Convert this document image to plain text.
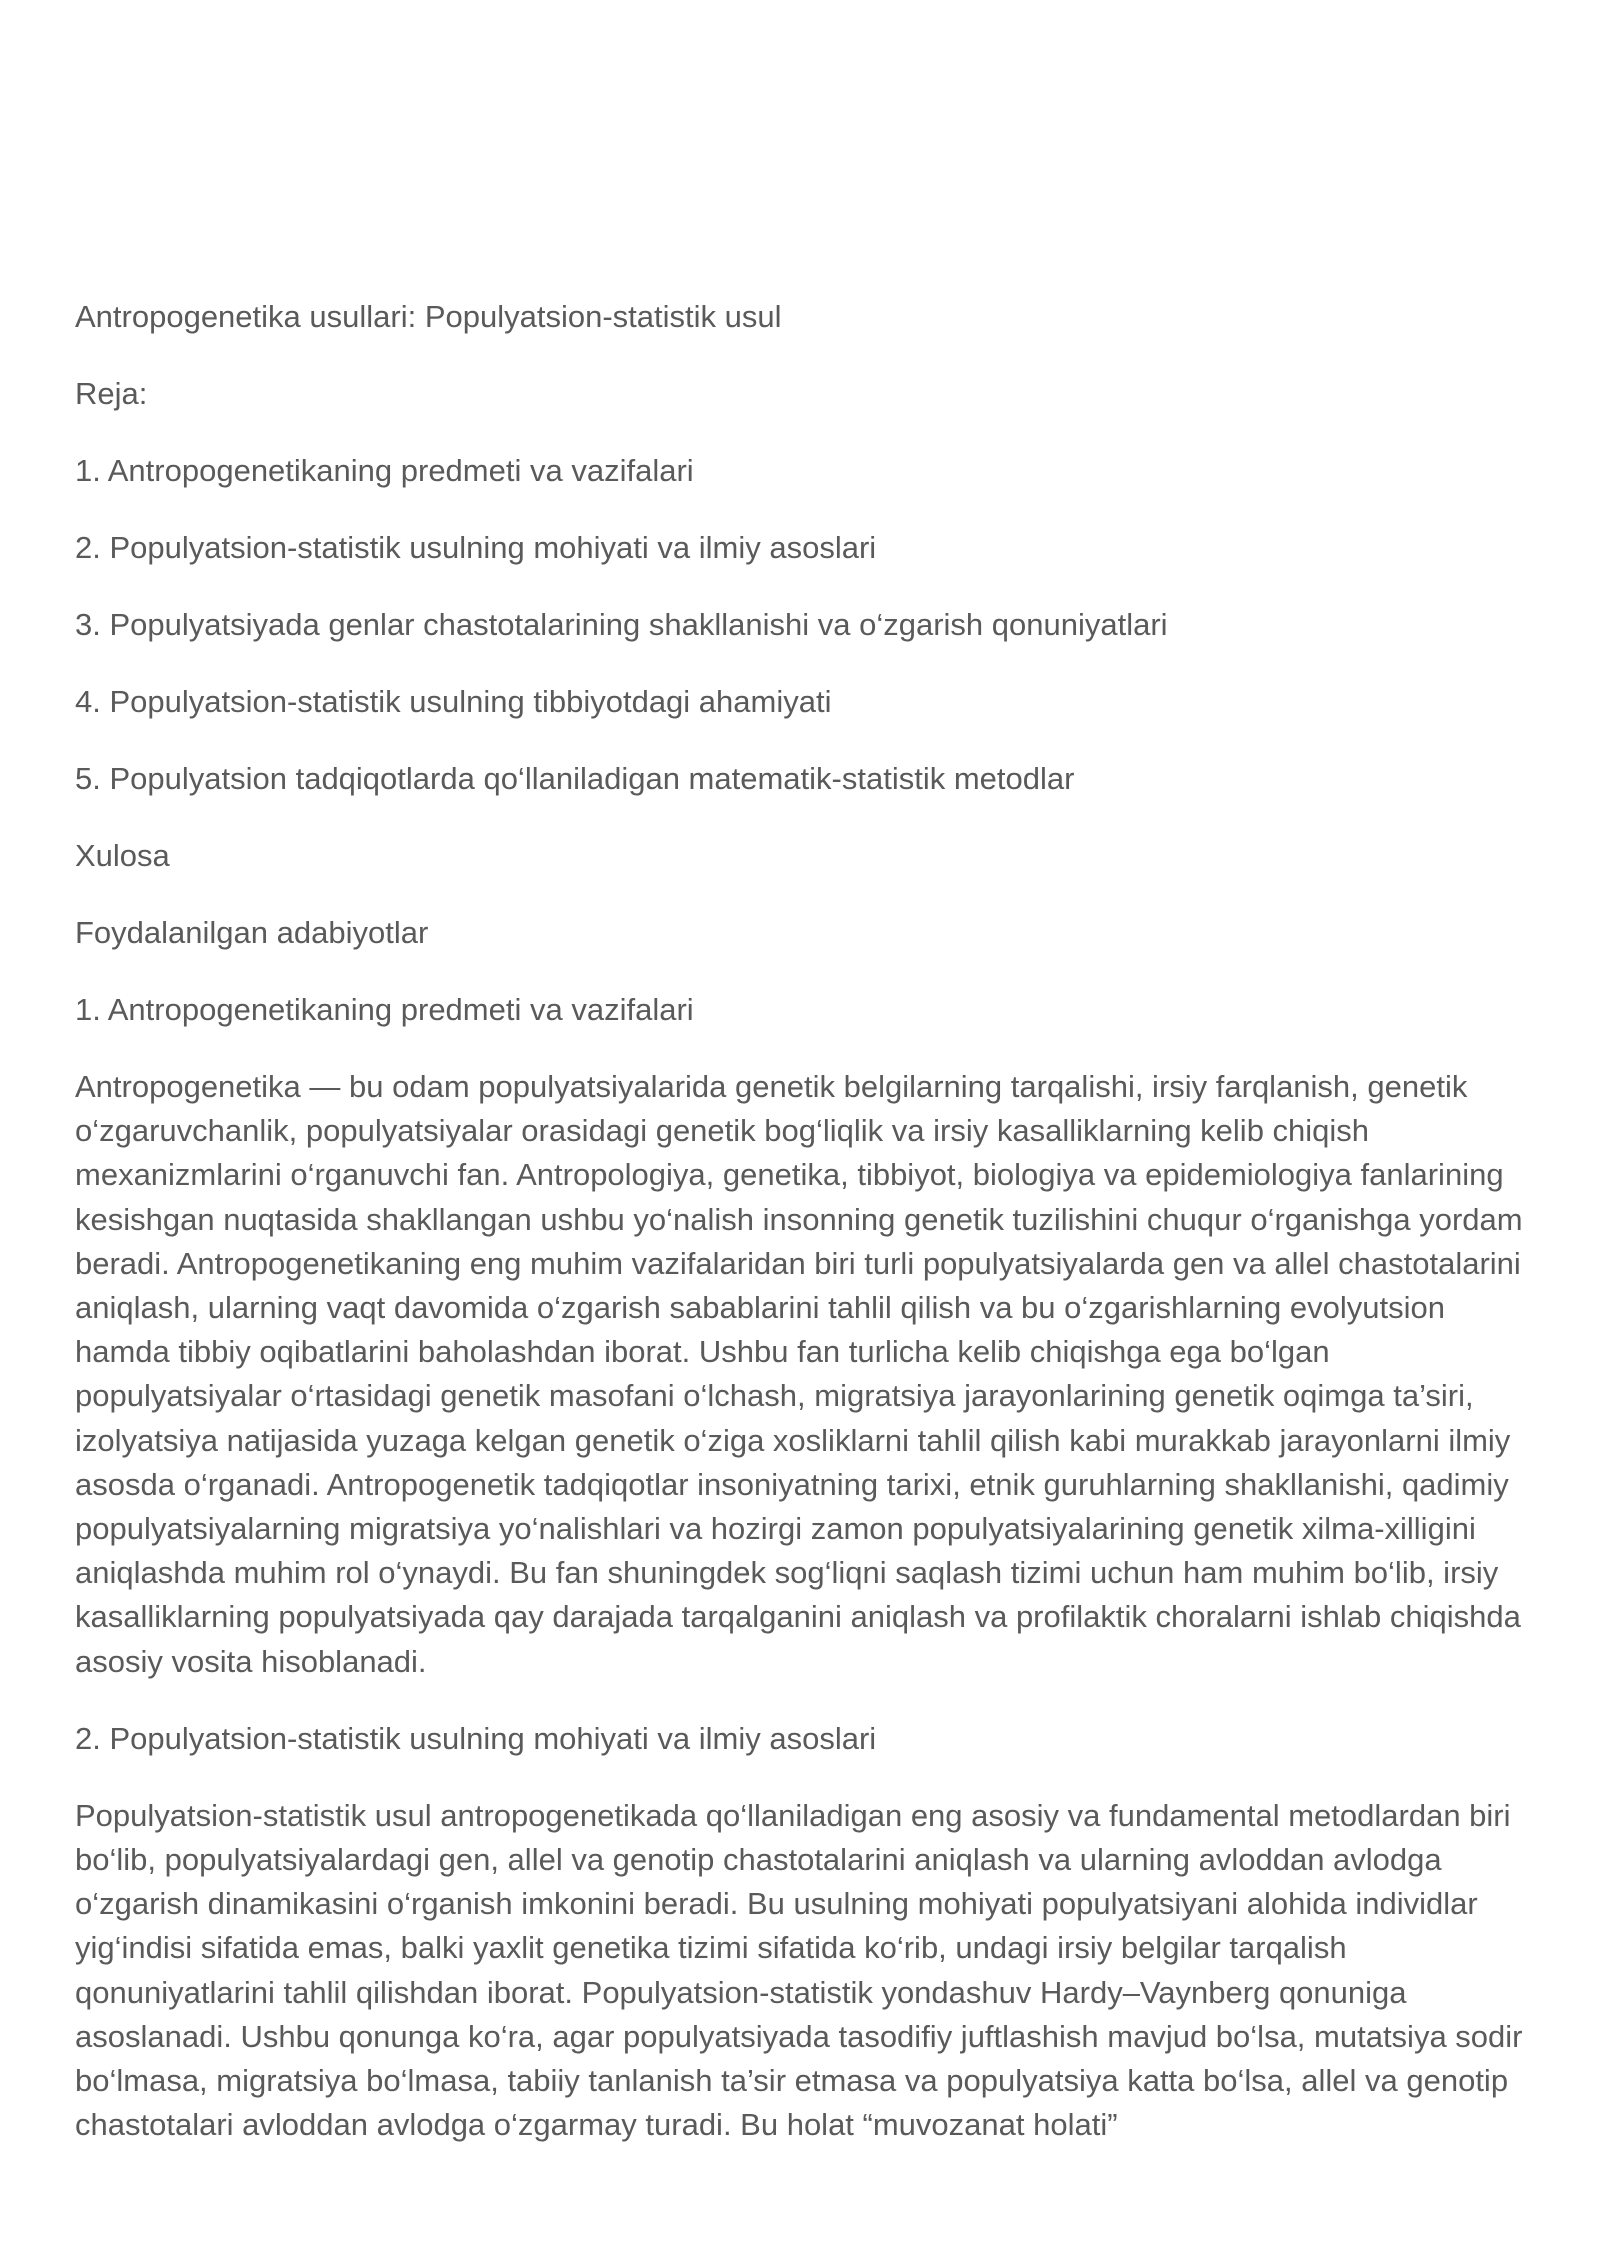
Antropogenetika usullari: Populyatsion-statistik usul
Reja:
1. Antropogenetikaning predmeti va vazifalari
2. Populyatsion-statistik usulning mohiyati va ilmiy asoslari
3. Populyatsiyada genlar chastotalarining shakllanishi va o‘zgarish qonuniyatlari
4. Populyatsion-statistik usulning tibbiyotdagi ahamiyati
5. Populyatsion tadqiqotlarda qo‘llaniladigan matematik-statistik metodlar
Xulosa
Foydalanilgan adabiyotlar
1. Antropogenetikaning predmeti va vazifalari
Antropogenetika — bu odam populyatsiyalarida genetik belgilarning tarqalishi, irsiy farqlanish, genetik o‘zgaruvchanlik, populyatsiyalar orasidagi genetik bog‘liqlik va irsiy kasalliklarning kelib chiqish mexanizmlarini o‘rganuvchi fan. Antropologiya, genetika, tibbiyot, biologiya va epidemiologiya fanlarining kesishgan nuqtasida shakllangan ushbu yo‘nalish insonning genetik tuzilishini chuqur o‘rganishga yordam beradi. Antropogenetikaning eng muhim vazifalaridan biri turli populyatsiyalarda gen va allel chastotalarini aniqlash, ularning vaqt davomida o‘zgarish sabablarini tahlil qilish va bu o‘zgarishlarning evolyutsion hamda tibbiy oqibatlarini baholashdan iborat. Ushbu fan turlicha kelib chiqishga ega bo‘lgan populyatsiyalar o‘rtasidagi genetik masofani o‘lchash, migratsiya jarayonlarining genetik oqimga ta’siri, izolyatsiya natijasida yuzaga kelgan genetik o‘ziga xosliklarni tahlil qilish kabi murakkab jarayonlarni ilmiy asosda o‘rganadi. Antropogenetik tadqiqotlar insoniyatning tarixi, etnik guruhlarning shakllanishi, qadimiy populyatsiyalarning migratsiya yo‘nalishlari va hozirgi zamon populyatsiyalarining genetik xilma-xilligini aniqlashda muhim rol o‘ynaydi. Bu fan shuningdek sog‘liqni saqlash tizimi uchun ham muhim bo‘lib, irsiy kasalliklarning populyatsiyada qay darajada tarqalganini aniqlash va profilaktik choralarni ishlab chiqishda asosiy vosita hisoblanadi.
2. Populyatsion-statistik usulning mohiyati va ilmiy asoslari
Populyatsion-statistik usul antropogenetikada qo‘llaniladigan eng asosiy va fundamental metodlardan biri bo‘lib, populyatsiyalardagi gen, allel va genotip chastotalarini aniqlash va ularning avloddan avlodga o‘zgarish dinamikasini o‘rganish imkonini beradi. Bu usulning mohiyati populyatsiyani alohida individlar yig‘indisi sifatida emas, balki yaxlit genetika tizimi sifatida ko‘rib, undagi irsiy belgilar tarqalish qonuniyatlarini tahlil qilishdan iborat. Populyatsion-statistik yondashuv Hardy–Vaynberg qonuniga asoslanadi. Ushbu qonunga ko‘ra, agar populyatsiyada tasodifiy juftlashish mavjud bo‘lsa, mutatsiya sodir bo‘lmasa, migratsiya bo‘lmasa, tabiiy tanlanish ta’sir etmasa va populyatsiya katta bo‘lsa, allel va genotip chastotalari avloddan avlodga o‘zgarmay turadi. Bu holat “muvozanat holati”
